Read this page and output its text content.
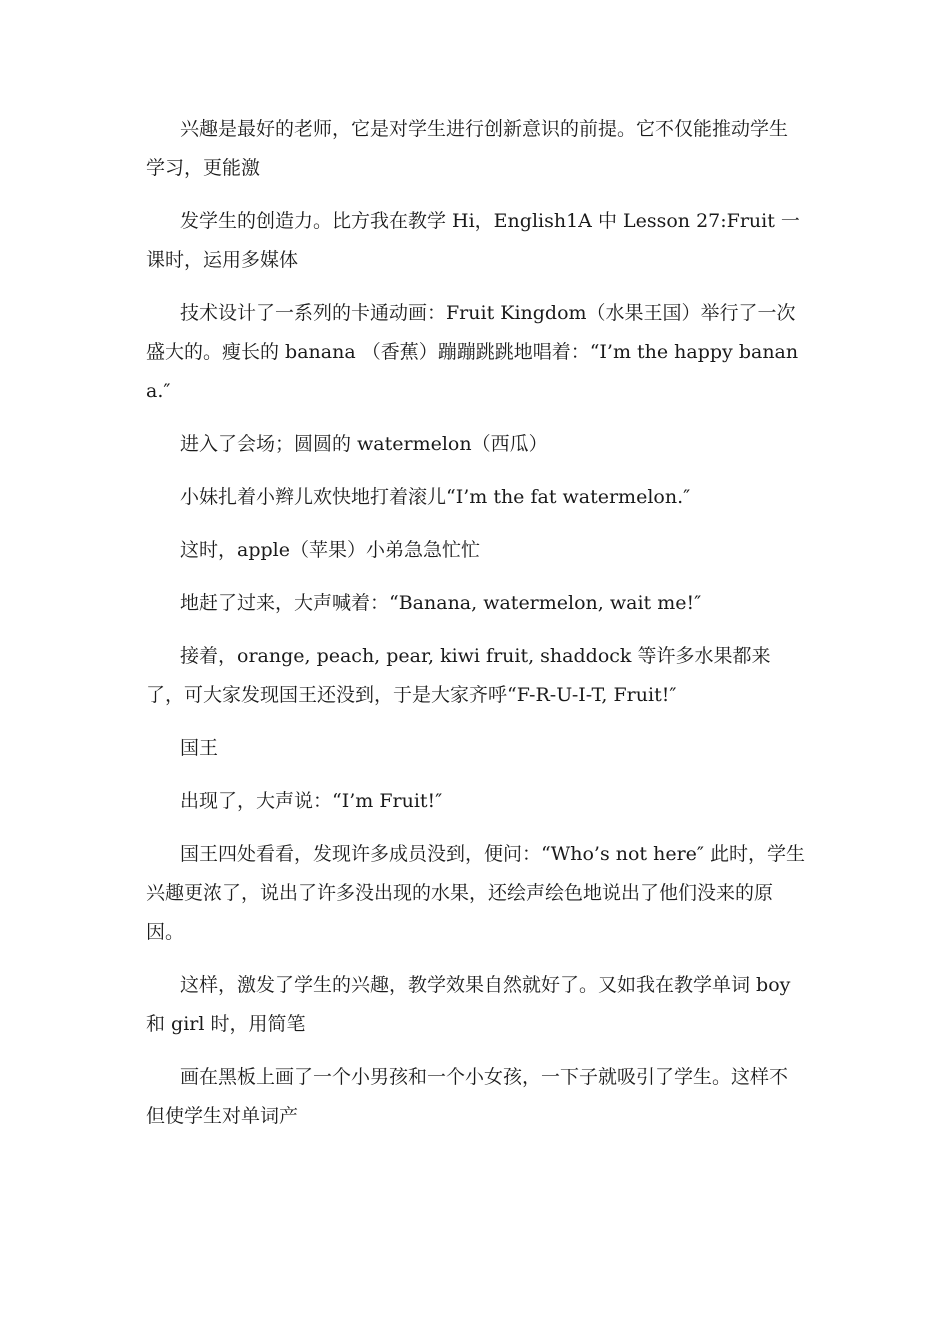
兴趣是最好的老师，它是对学生进行创新意识的前提。它不仅能推动学生学习，更能激

发学生的创造力。比方我在教学 Hi，English1A 中 Lesson 27:Fruit 一课时，运用多媒体

技术设计了一系列的卡通动画：Fruit Kingdom（水果王国）举行了一次盛大的。瘦长的 banana （香蕉）蹦蹦跳跳地唱着：“I’m the happy banana.″

进入了会场；圆圆的 watermelon（西瓜）

小妹扎着小辫儿欢快地打着滚儿“I’m the fat watermelon.″

这时，apple（苹果）小弟急急忙忙

地赶了过来，大声喊着：“Banana, watermelon, wait me!″

接着，orange, peach, pear, kiwi fruit, shaddock 等许多水果都来了，可大家发现国王还没到，于是大家齐呼“F-R-U-I-T, Fruit!″

国王

出现了，大声说：“I’m Fruit!″

国王四处看看，发现许多成员没到，便问：“Who’s not here″ 此时，学生兴趣更浓了，说出了许多没出现的水果，还绘声绘色地说出了他们没来的原因。

这样，激发了学生的兴趣，教学效果自然就好了。又如我在教学单词 boy 和 girl 时，用简笔

画在黑板上画了一个小男孩和一个小女孩，一下子就吸引了学生。这样不但使学生对单词产
